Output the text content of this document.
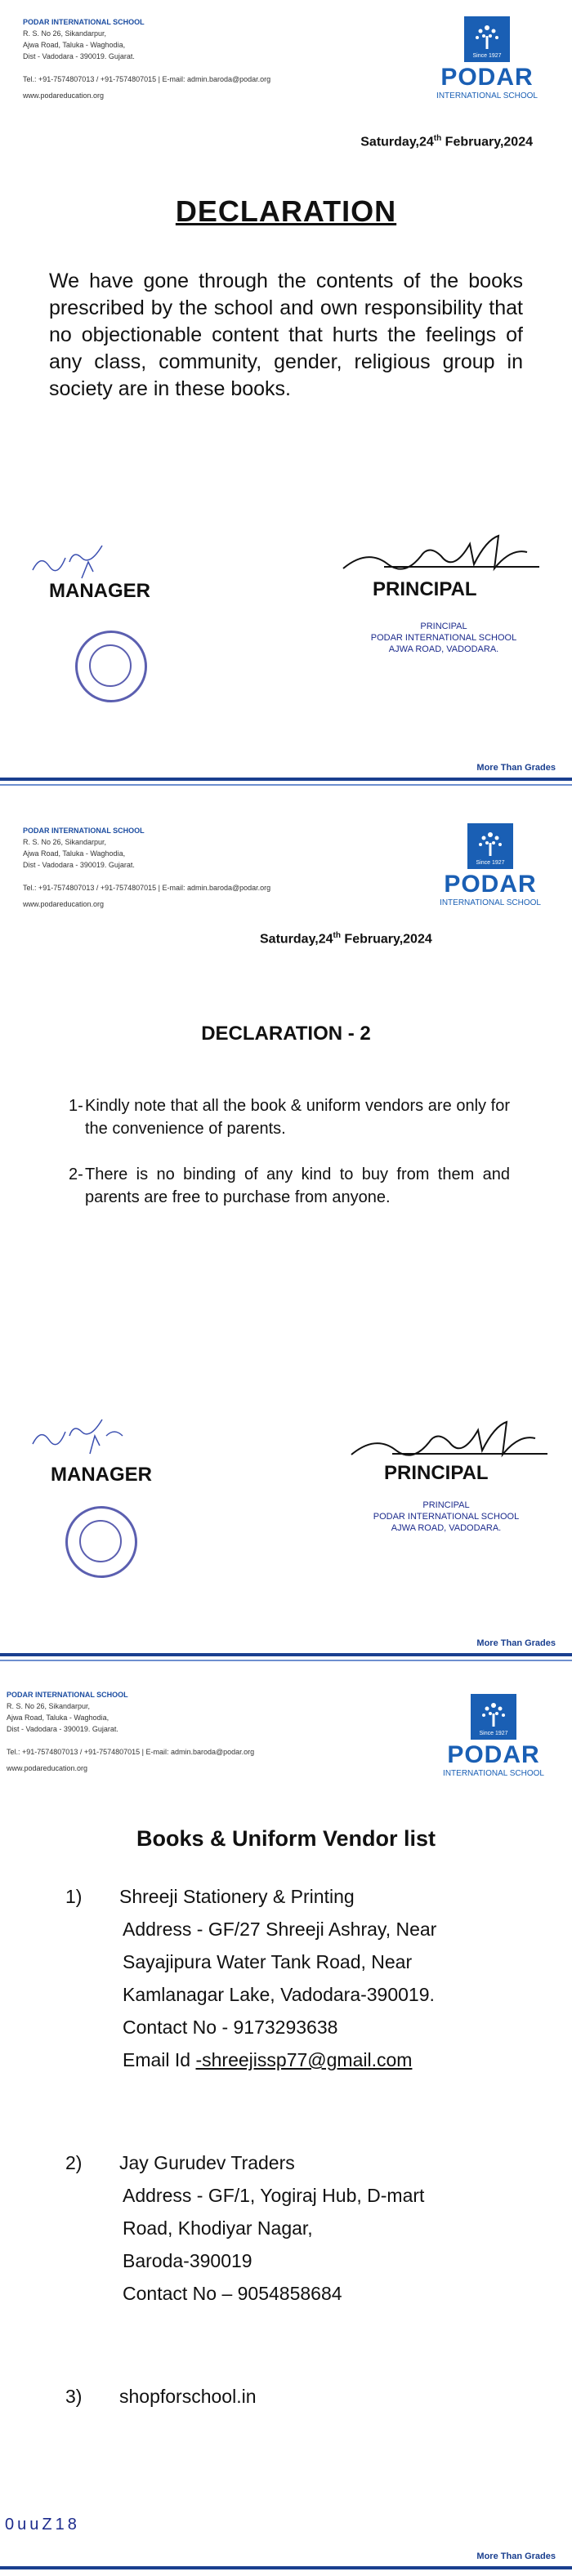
PODAR INTERNATIONAL SCHOOL
R. S. No 26, Sikandarpur,
Ajwa Road, Taluka - Waghodia,
Dist - Vadodara - 390019. Gujarat.
Tel.: +91-7574807013 / +91-7574807015 | E-mail: admin.baroda@podar.org
www.podareducation.org
Since 1927
PODAR
INTERNATIONAL SCHOOL
Saturday,24th February,2024
DECLARATION
We have gone through the contents of the books prescribed by the school and own responsibility that no objectionable content that hurts the feelings of any class, community, gender, religious group in society are in these books.
MANAGER	PRINCIPAL
PRINCIPAL
PODAR INTERNATIONAL SCHOOL
AJWA ROAD, VADODARA.
More Than Grades
PODAR INTERNATIONAL SCHOOL
R. S. No 26, Sikandarpur,
Ajwa Road, Taluka - Waghodia,
Dist - Vadodara - 390019. Gujarat.
Tel.: +91-7574807013 / +91-7574807015 | E-mail: admin.baroda@podar.org
www.podareducation.org
Since 1927
PODAR
INTERNATIONAL SCHOOL
Saturday,24th February,2024
DECLARATION - 2
1- Kindly note that all the book & uniform vendors are only for the convenience of parents.
2- There is no binding of any kind to buy from them and parents are free to purchase from anyone.
MANAGER	PRINCIPAL
PRINCIPAL
PODAR INTERNATIONAL SCHOOL
AJWA ROAD, VADODARA.
More Than Grades
PODAR INTERNATIONAL SCHOOL
R. S. No 26, Sikandarpur,
Ajwa Road, Taluka - Waghodia,
Dist - Vadodara - 390019. Gujarat.
Tel.: +91-7574807013 / +91-7574807015 | E-mail: admin.baroda@podar.org
www.podareducation.org
Since 1927
PODAR
INTERNATIONAL SCHOOL
Books & Uniform Vendor list
1)	Shreeji Stationery & Printing
Address - GF/27 Shreeji Ashray, Near
Sayajipura Water Tank Road, Near
Kamlanagar Lake, Vadodara-390019.
Contact No - 9173293638
Email Id -shreejissp77@gmail.com
2)	Jay Gurudev Traders
Address - GF/1, Yogiraj Hub, D-mart
Road, Khodiyar Nagar,
Baroda-390019
Contact No – 9054858684
3)	shopforschool.in
0uuZ18
More Than Grades
